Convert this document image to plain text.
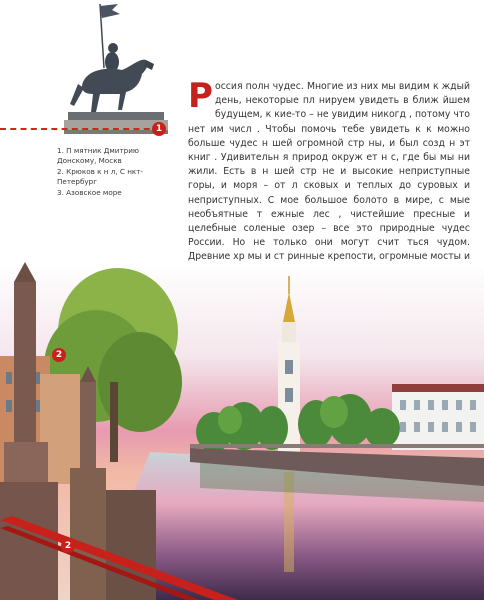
1
1. П мятник Дмитрию Донскому, Москв
2. Крюков к н л, С нкт-Петербург
3. Азовское море
Р оссия полн чудес. Многие из них мы видим к ждый день, некоторые пл нируем увидеть в ближ йшем будущем, к кие-то – не увидим никогд , потому что нет им числ . Чтобы помочь тебе увидеть к к можно больше чудес н шей огромной стр ны, и был созд н эт книг . Удивительн я природ окруж ет н с, где бы мы ни жили. Есть в н шей стр не и высокие неприступные горы, и моря – от л сковых и теплых до суровых и неприступных. С мое большое болото в мире, с мые необъятные т ежные лес , чистейшие пресные и целебные соленые озер – все это природные чудес России. Но не только они могут счит ться чудом. Древние хр мы и ст ринные крепости, огромные мосты и
2
2
